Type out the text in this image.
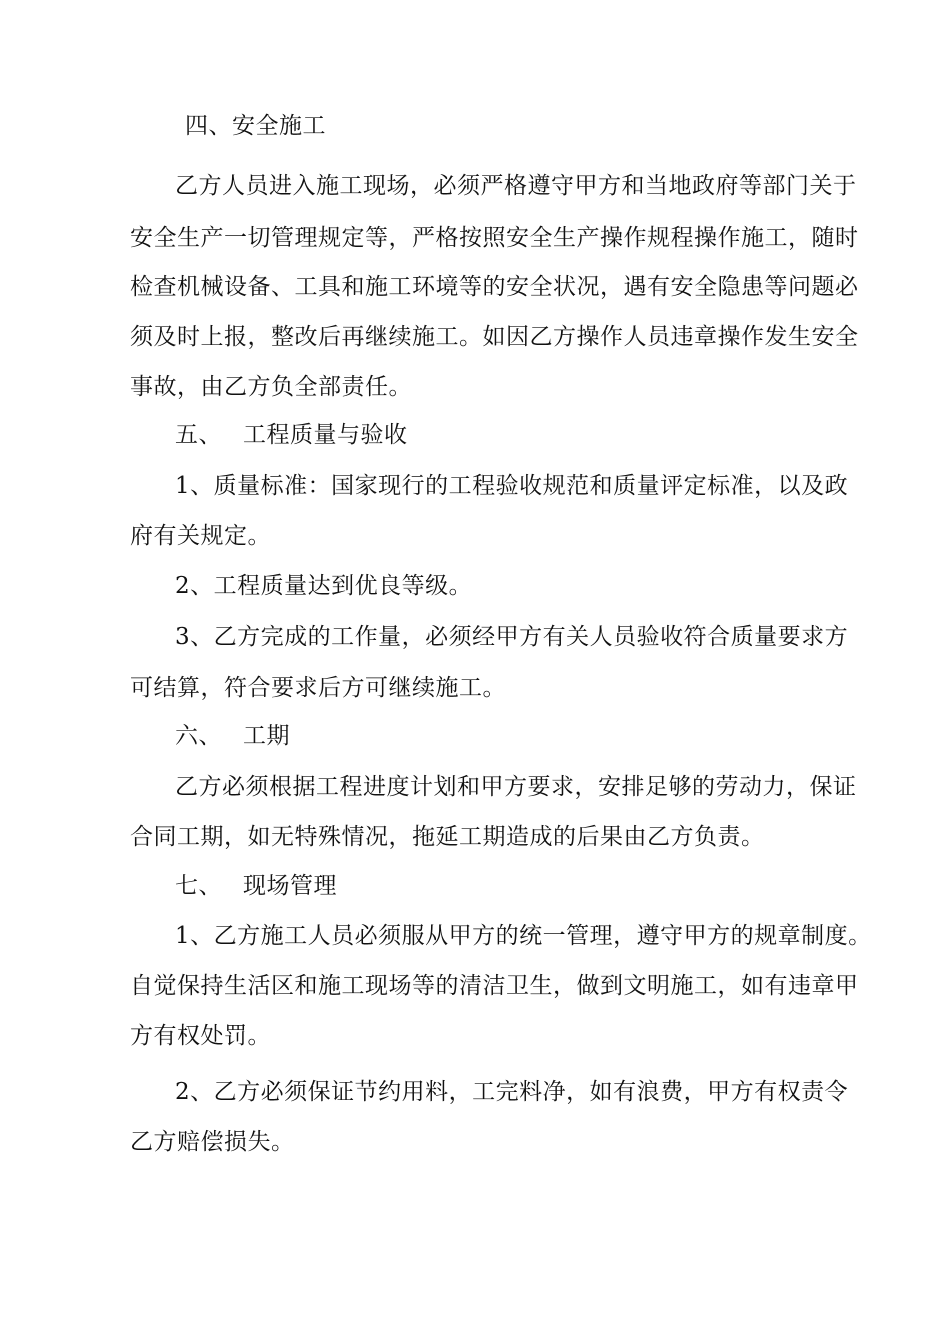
四、安全施工

乙方人员进入施工现场，必须严格遵守甲方和当地政府等部门关于

安全生产一切管理规定等，严格按照安全生产操作规程操作施工，随时

检查机械设备、工具和施工环境等的安全状况，遇有安全隐患等问题必

须及时上报，整改后再继续施工。如因乙方操作人员违章操作发生安全

事故，由乙方负全部责任。

五、 工程质量与验收

1、质量标准：国家现行的工程验收规范和质量评定标准，以及政

府有关规定。

2、工程质量达到优良等级。

3、乙方完成的工作量，必须经甲方有关人员验收符合质量要求方

可结算，符合要求后方可继续施工。

六、 工期

乙方必须根据工程进度计划和甲方要求，安排足够的劳动力，保证

合同工期，如无特殊情况，拖延工期造成的后果由乙方负责。

七、 现场管理

1、乙方施工人员必须服从甲方的统一管理，遵守甲方的规章制度。

自觉保持生活区和施工现场等的清洁卫生，做到文明施工，如有违章甲

方有权处罚。

2、乙方必须保证节约用料，工完料净，如有浪费，甲方有权责令

乙方赔偿损失。
